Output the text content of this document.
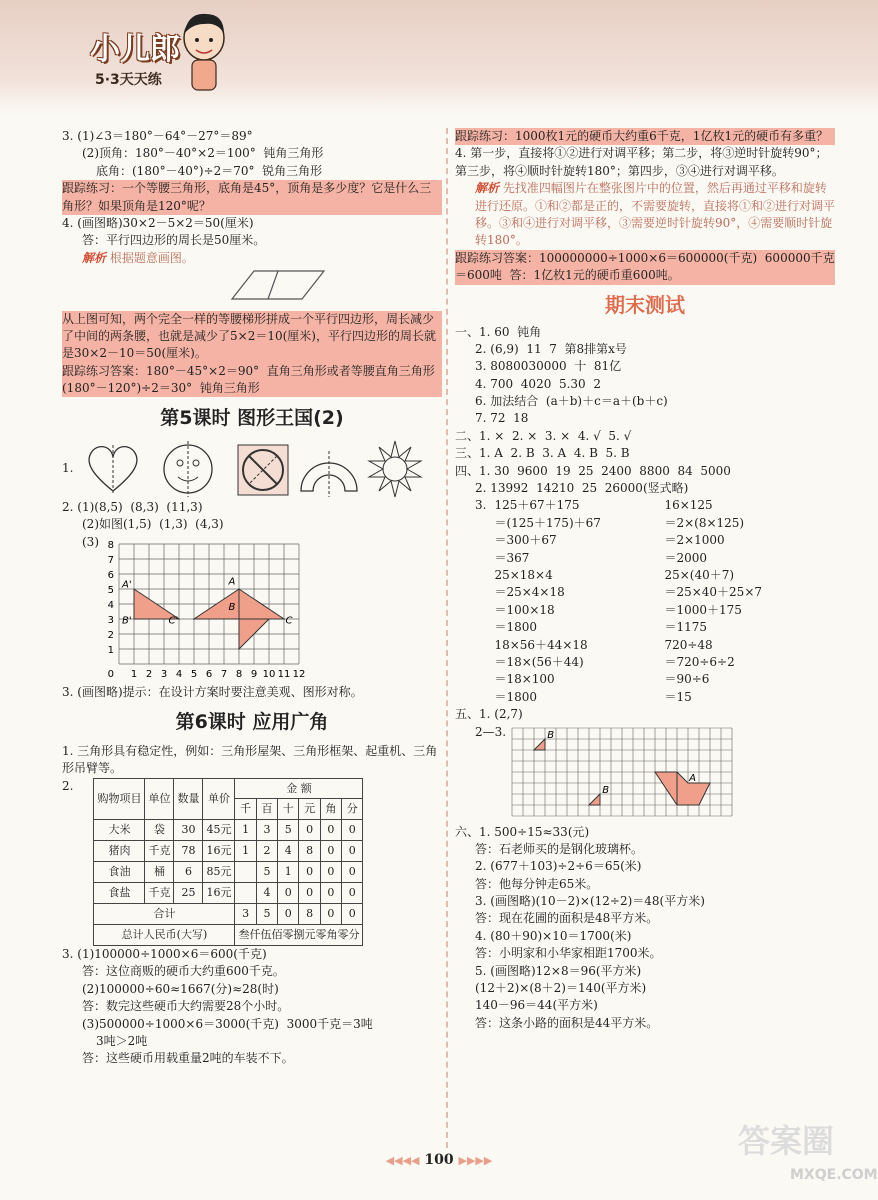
小儿郎
5·3天天练

3. (1)∠3＝180°－64°－27°＝89°

(2)顶角：180°－40°×2＝100°  钝角三角形

底角：(180°－40°)÷2＝70°  锐角三角形

跟踪练习：一个等腰三角形，底角是45°，顶角是多少度？它是什么三角形？如果顶角是120°呢？

4. (画图略)30×2－5×2＝50(厘米)

答：平行四边形的周长是50厘米。

解析 根据题意画图。

从上图可知，两个完全一样的等腰梯形拼成一个平行四边形，周长减少了中间的两条腰，也就是减少了5×2＝10(厘米)，平行四边形的周长就是30×2－10＝50(厘米)。

跟踪练习答案：180°－45°×2＝90°  直角三角形或者等腰直角三角形

(180°－120°)÷2＝30°  钝角三角形

第5课时 图形王国(2)
1.

2. (1)(8,5)  (8,3)  (11,3)

(2)如图(1,5)  (1,3)  (4,3)

(3)
1 2 3 4 5 6 7 8 9 10 11 12
1
2
3
4
5
6
7
8
0
A'
B'	C'
A
B
C

3. (画图略)提示：在设计方案时要注意美观、图形对称。

第6课时 应用广角

1. 三角形具有稳定性，例如：三角形屋架、三角形框架、起重机、三角形吊臂等。

2.
购物项目	单位	数量	单价	金 额					
				千	百	十	元	角	分
大米	袋	30	45元	1	3	5	0	0	0
猪肉	千克	78	16元	1	2	4	8	0	0
食油	桶	6	85元		5	1	0	0	0
食盐	千克	25	16元		4	0	0	0	0
合计				3	5	0	8	0	0
总计人民币(大写)				叁仟伍佰零捌元零角零分					

3. (1)100000÷1000×6＝600(千克)

答：这位商贩的硬币大约重600千克。

(2)100000÷60≈1667(分)≈28(时)

答：数完这些硬币大约需要28个小时。

(3)500000÷1000×6＝3000(千克)  3000千克＝3吨

3吨＞2吨

答：这些硬币用载重量2吨的车装不下。

跟踪练习：1000枚1元的硬币大约重6千克，1亿枚1元的硬币有多重？

4. 第一步，直接将①②进行对调平移；第二步，将③逆时针旋转90°；第三步，将④顺时针旋转180°；第四步，③④进行对调平移。

解析 先找准四幅图片在整张图片中的位置，然后再通过平移和旋转进行还原。①和②都是正的，不需要旋转，直接将①和②进行对调平移。③和④进行对调平移，③需要逆时针旋转90°，④需要顺时针旋转180°。

跟踪练习答案：100000000÷1000×6＝600000(千克)  600000千克＝600吨  答：1亿枚1元的硬币重600吨。

期末测试

一、1. 60  钝角

2. (6,9)  11  7  第8排第x号

3. 8080030000  十  81亿

4. 700  4020  5.30  2

6. 加法结合  (a＋b)＋c＝a＋(b＋c)

7. 72  18

二、1. ×  2. ×  3. ×  4. √  5. √

三、1. A  2. B  3. A  4. B  5. B

四、1. 30  9600  19  25  2400  8800  84  5000

2. 13992  14210  25  26000(竖式略)

3. 125＋67＋175	16×125
＝(125＋175)＋67	＝2×(8×125)
＝300＋67	＝2×1000
＝367	＝2000
25×18×4	25×(40＋7)
＝25×4×18	＝25×40＋25×7
＝100×18	＝1000＋175
＝1800	＝1175
18×56＋44×18	720÷48
＝18×(56＋44)	＝720÷6÷2
＝18×100	＝90÷6
＝1800	＝15

五、1. (2,7)

2—3.	B
B
A

六、1. 500÷15≈33(元)

答：石老师买的是钢化玻璃杯。

2. (677＋103)÷2÷6＝65(米)

答：他每分钟走65米。

3. (画图略)(10－2)×(12÷2)＝48(平方米)

答：现在花圃的面积是48平方米。

4. (80＋90)×10＝1700(米)

答：小明家和小华家相距1700米。

5. (画图略)12×8＝96(平方米)

(12＋2)×(8＋2)＝140(平方米)

140－96＝44(平方米)

答：这条小路的面积是44平方米。

◀◀◀◀ 100 ▶▶▶▶
答案圈
MXQE.COM
